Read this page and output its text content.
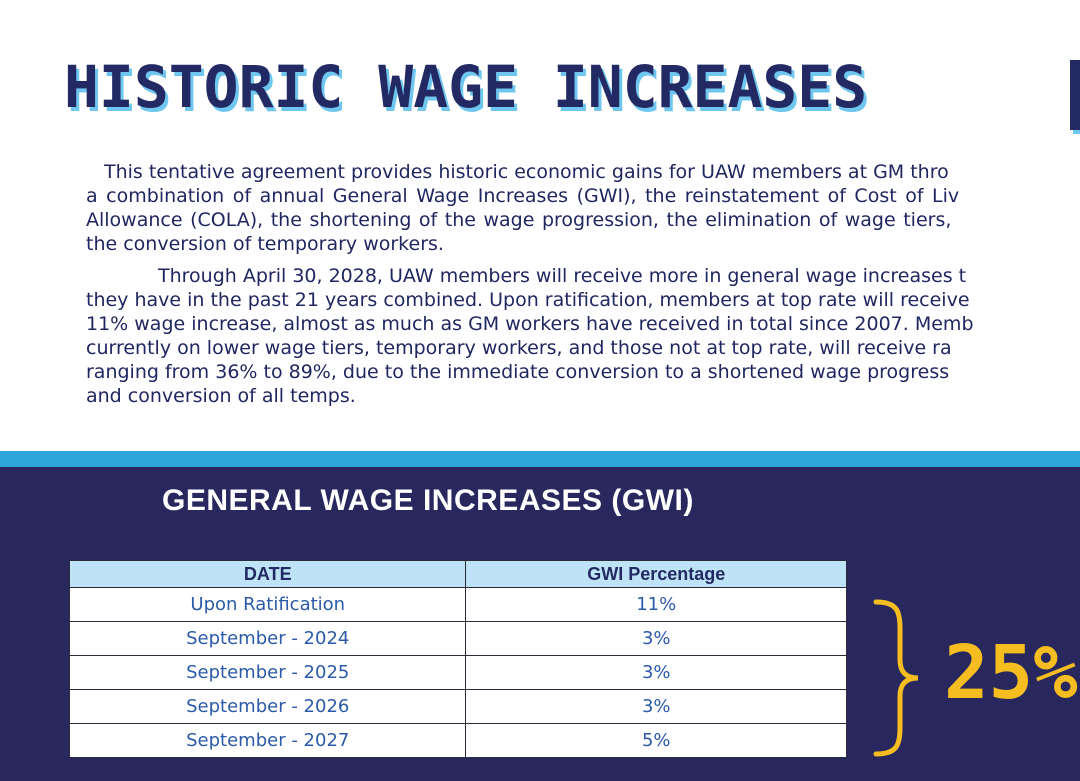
HISTORIC WAGE INCREASES

This tentative agreement provides historic economic gains for UAW members at GM thro
a combination of annual General Wage Increases (GWI), the reinstatement of Cost of Liv
Allowance (COLA), the shortening of the wage progression, the elimination of wage tiers,
the conversion of temporary workers.

Through April 30, 2028, UAW members will receive more in general wage increases t
they have in the past 21 years combined. Upon ratification, members at top rate will receive
11% wage increase, almost as much as GM workers have received in total since 2007. Memb
currently on lower wage tiers, temporary workers, and those not at top rate, will receive ra
ranging from 36% to 89%, due to the immediate conversion to a shortened wage progress
and conversion of all temps.

GENERAL WAGE INCREASES (GWI)
DATE	GWI Percentage
Upon Ratification	11%
September - 2024	3%
September - 2025	3%
September - 2026	3%
September - 2027	5%

25%
